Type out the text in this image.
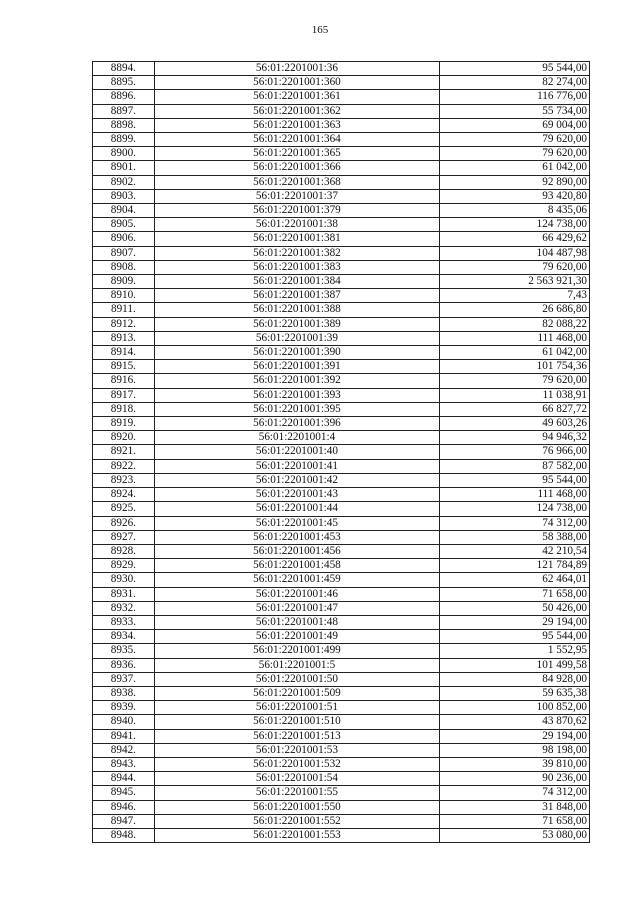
165
8894.	56:01:2201001:36	95 544,00
8895.	56:01:2201001:360	82 274,00
8896.	56:01:2201001:361	116 776,00
8897.	56:01:2201001:362	55 734,00
8898.	56:01:2201001:363	69 004,00
8899.	56:01:2201001:364	79 620,00
8900.	56:01:2201001:365	79 620,00
8901.	56:01:2201001:366	61 042,00
8902.	56:01:2201001:368	92 890,00
8903.	56:01:2201001:37	93 420,80
8904.	56:01:2201001:379	8 435,06
8905.	56:01:2201001:38	124 738,00
8906.	56:01:2201001:381	66 429,62
8907.	56:01:2201001:382	104 487,98
8908.	56:01:2201001:383	79 620,00
8909.	56:01:2201001:384	2 563 921,30
8910.	56:01:2201001:387	7,43
8911.	56:01:2201001:388	26 686,80
8912.	56:01:2201001:389	82 088,22
8913.	56:01:2201001:39	111 468,00
8914.	56:01:2201001:390	61 042,00
8915.	56:01:2201001:391	101 754,36
8916.	56:01:2201001:392	79 620,00
8917.	56:01:2201001:393	11 038,91
8918.	56:01:2201001:395	66 827,72
8919.	56:01:2201001:396	49 603,26
8920.	56:01:2201001:4	94 946,32
8921.	56:01:2201001:40	76 966,00
8922.	56:01:2201001:41	87 582,00
8923.	56:01:2201001:42	95 544,00
8924.	56:01:2201001:43	111 468,00
8925.	56:01:2201001:44	124 738,00
8926.	56:01:2201001:45	74 312,00
8927.	56:01:2201001:453	58 388,00
8928.	56:01:2201001:456	42 210,54
8929.	56:01:2201001:458	121 784,89
8930.	56:01:2201001:459	62 464,01
8931.	56:01:2201001:46	71 658,00
8932.	56:01:2201001:47	50 426,00
8933.	56:01:2201001:48	29 194,00
8934.	56:01:2201001:49	95 544,00
8935.	56:01:2201001:499	1 552,95
8936.	56:01:2201001:5	101 499,58
8937.	56:01:2201001:50	84 928,00
8938.	56:01:2201001:509	59 635,38
8939.	56:01:2201001:51	100 852,00
8940.	56:01:2201001:510	43 870,62
8941.	56:01:2201001:513	29 194,00
8942.	56:01:2201001:53	98 198,00
8943.	56:01:2201001:532	39 810,00
8944.	56:01:2201001:54	90 236,00
8945.	56:01:2201001:55	74 312,00
8946.	56:01:2201001:550	31 848,00
8947.	56:01:2201001:552	71 658,00
8948.	56:01:2201001:553	53 080,00
